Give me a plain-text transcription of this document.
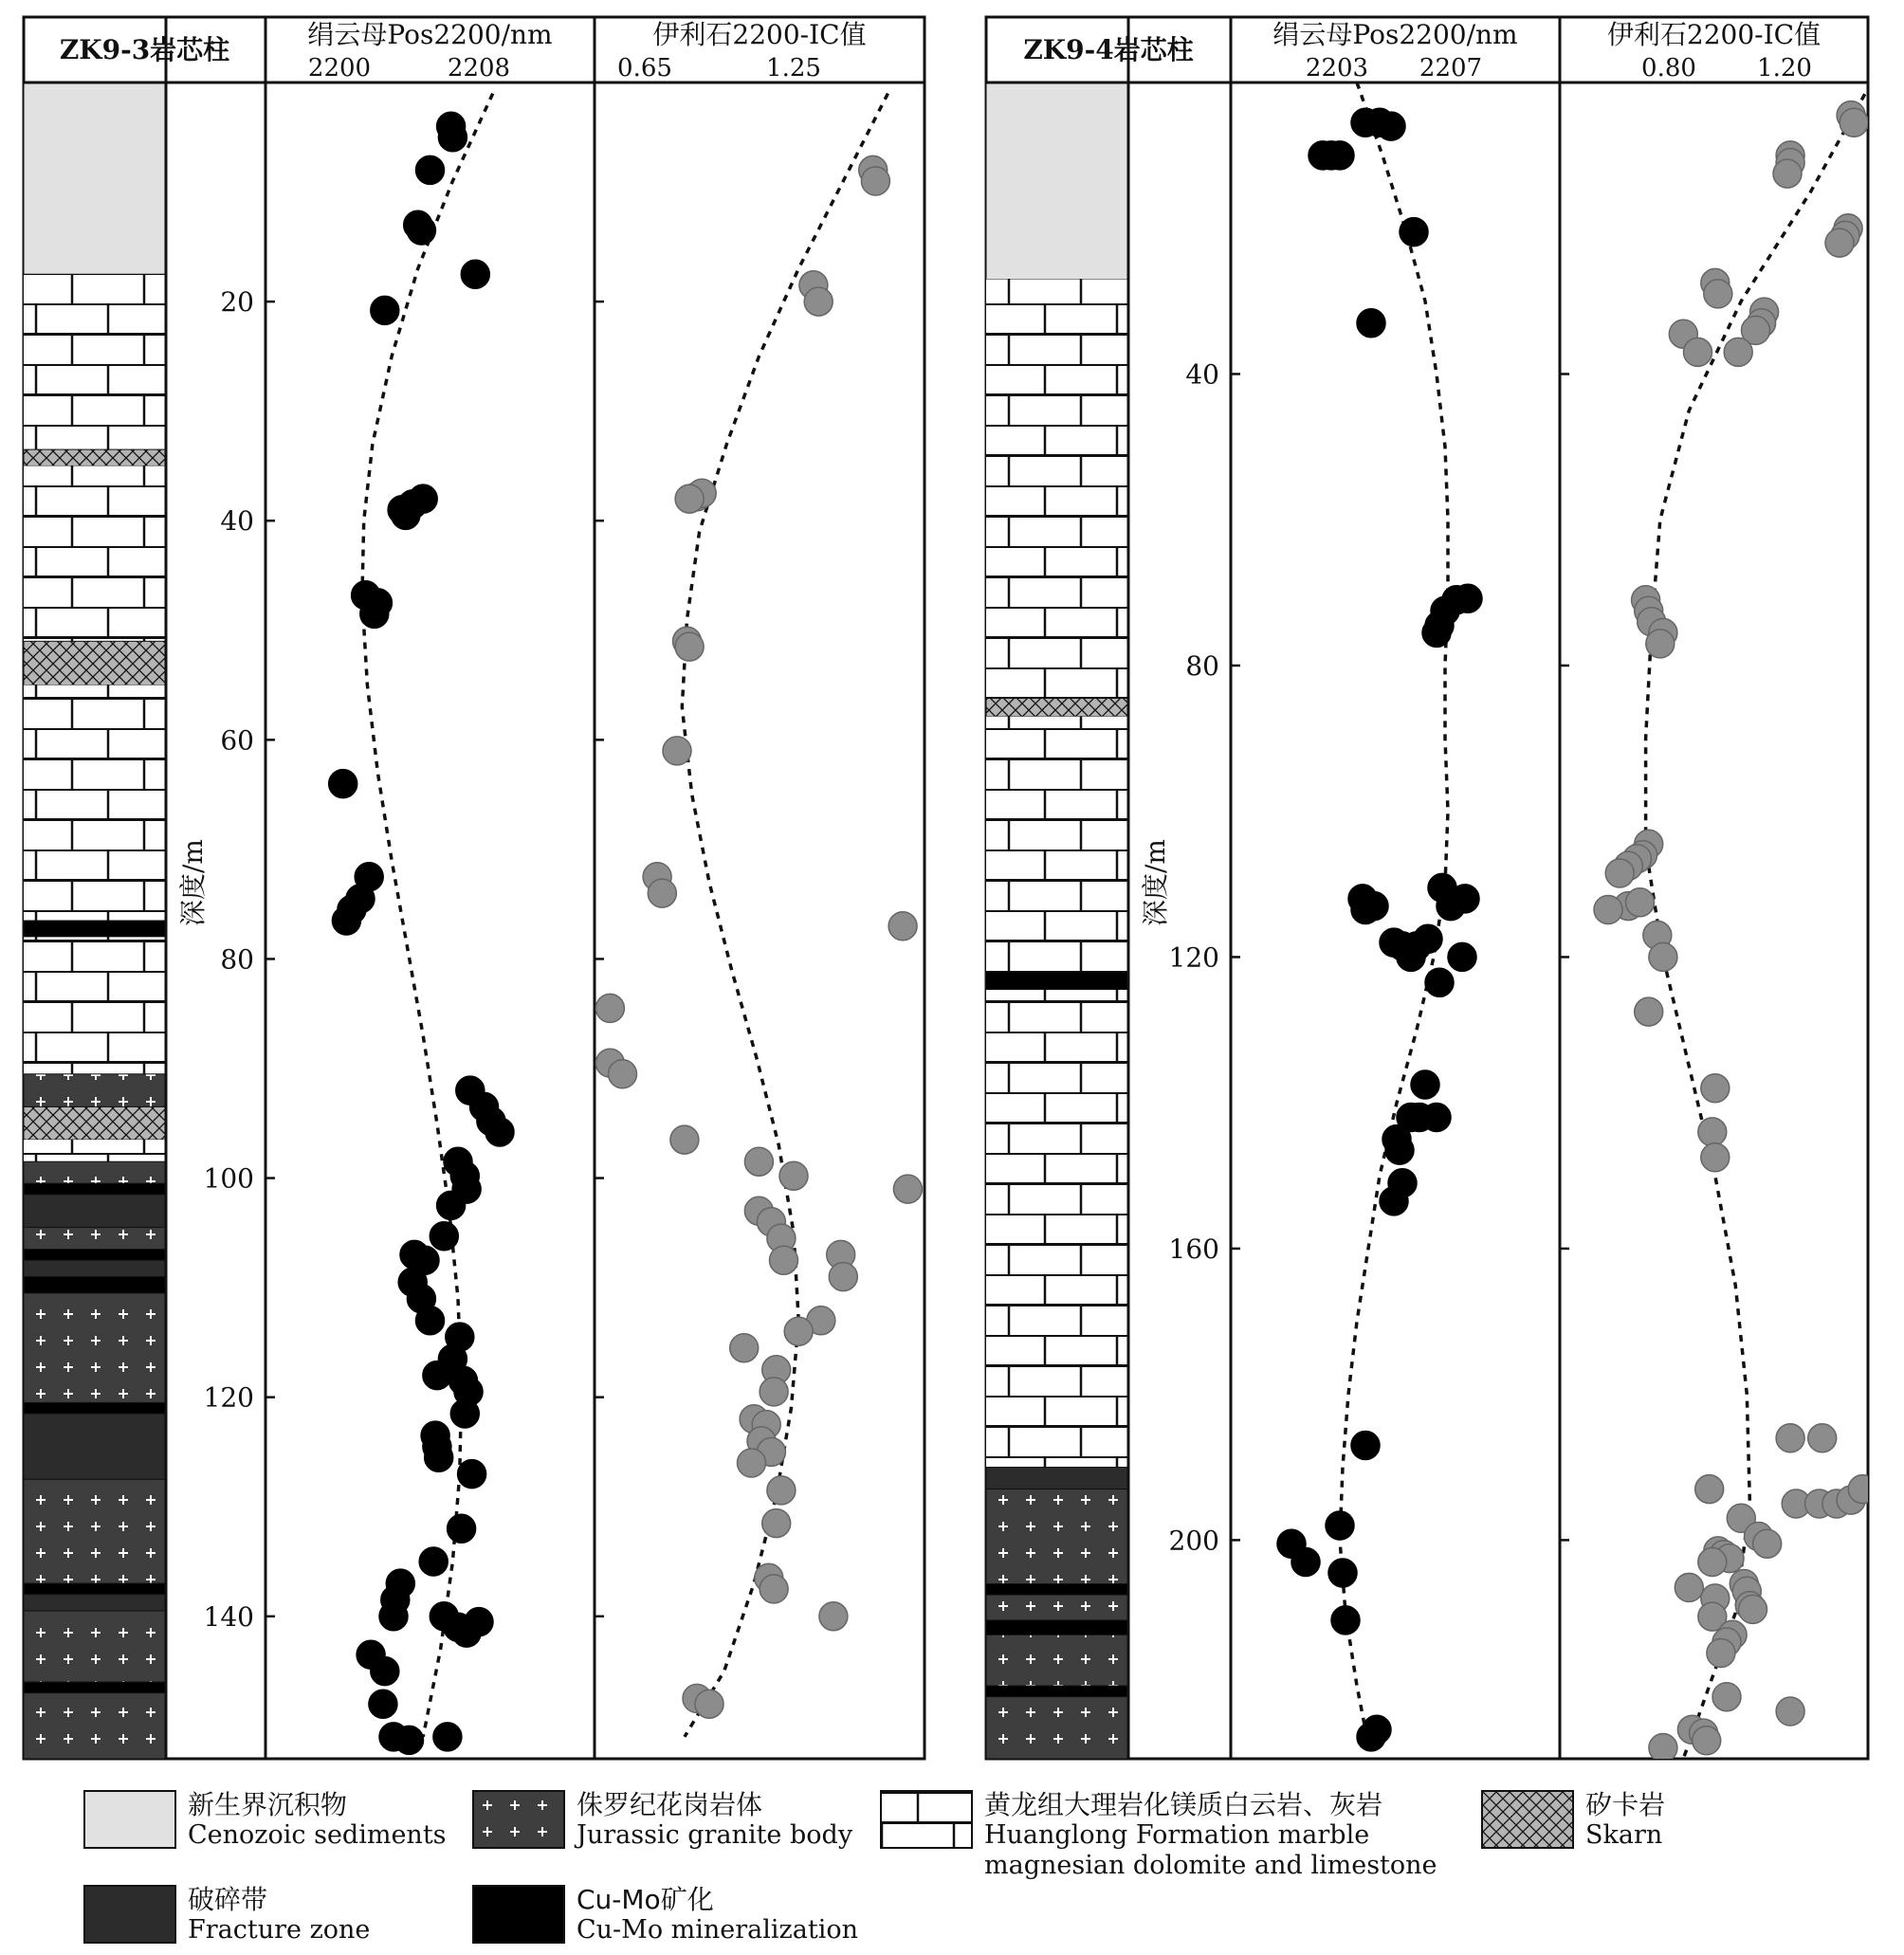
ZK9-3岩芯柱	绢云母Pos2200/nm	伊利石2200-IC值
2200	2208	0.65	1.25
20
40
60
80
100
120
140
深度/m
ZK9-4岩芯柱	绢云母Pos2200/nm	伊利石2200-IC值
2203 2207	0.80 1.20
40
80
120
160
200
深度/m
新生界沉积物
Cenozoic sediments
侏罗纪花岗岩体
Jurassic granite body
黄龙组大理岩化镁质白云岩、灰岩
Huanglong Formation marble
magnesian dolomite and limestone
矽卡岩
Skarn
破碎带
Fracture zone
Cu-Mo矿化
Cu-Mo mineralization
